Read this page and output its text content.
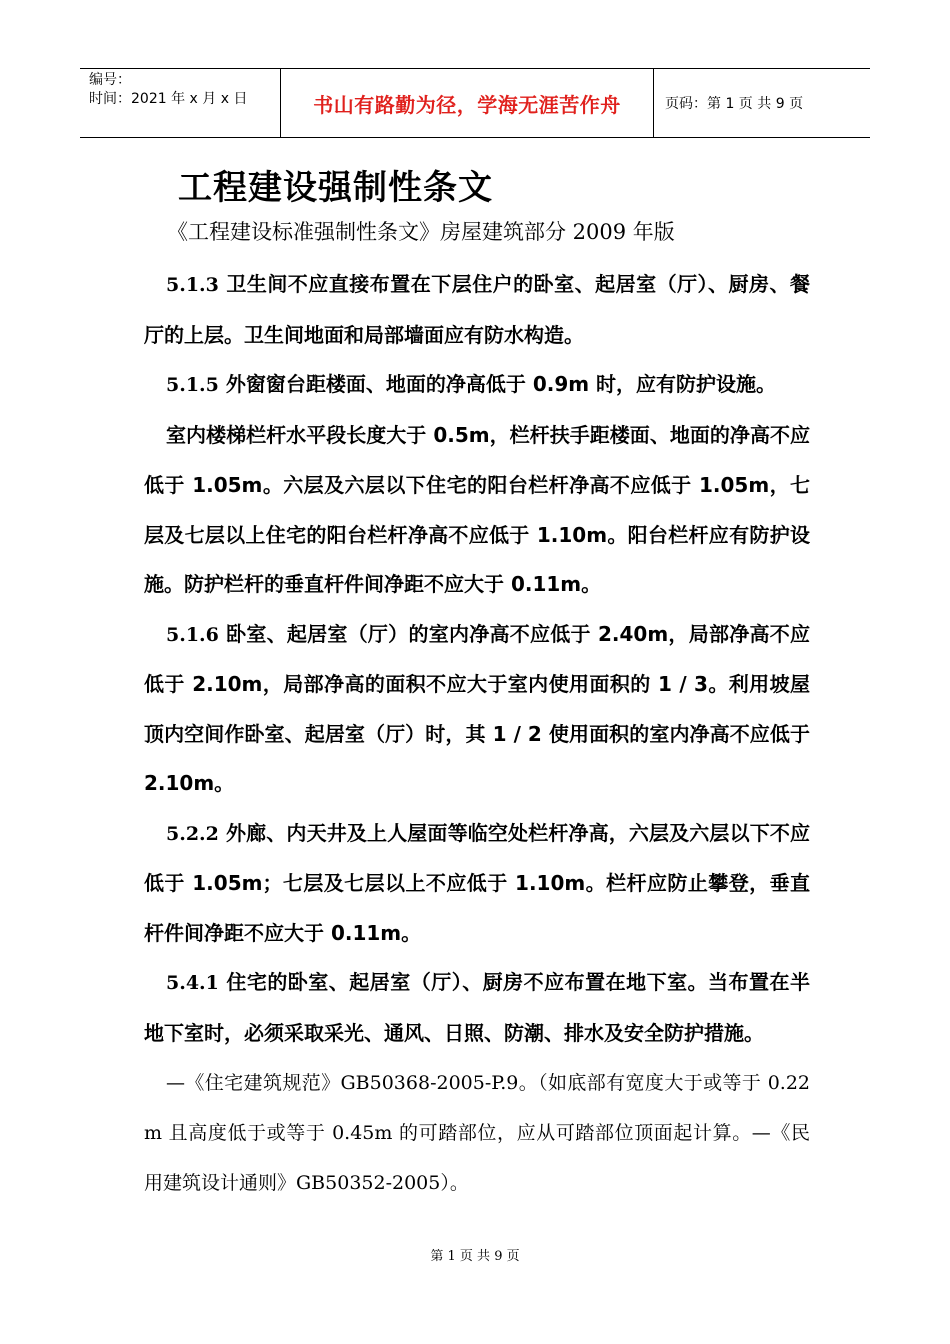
编号：
时间：2021 年 x 月 x 日	书山有路勤为径，学海无涯苦作舟	页码：第 1 页 共 9 页
工程建设强制性条文

《工程建设标准强制性条文》房屋建筑部分 2009 年版

5.1.3 卫生间不应直接布置在下层住户的卧室、起居室（厅）、厨房、餐厅的上层。卫生间地面和局部墙面应有防水构造。

5.1.5 外窗窗台距楼面、地面的净高低于 0.9m 时，应有防护设施。

室内楼梯栏杆水平段长度大于 0.5m，栏杆扶手距楼面、地面的净高不应低于 1.05m。六层及六层以下住宅的阳台栏杆净高不应低于 1.05m，七层及七层以上住宅的阳台栏杆净高不应低于 1.10m。阳台栏杆应有防护设施。防护栏杆的垂直杆件间净距不应大于 0.11m。

5.1.6 卧室、起居室（厅）的室内净高不应低于 2.40m，局部净高不应低于 2.10m，局部净高的面积不应大于室内使用面积的 1 / 3。利用坡屋顶内空间作卧室、起居室（厅）时，其 1 / 2 使用面积的室内净高不应低于 2.10m。

5.2.2 外廊、内天井及上人屋面等临空处栏杆净高，六层及六层以下不应低于 1.05m；七层及七层以上不应低于 1.10m。栏杆应防止攀登，垂直杆件间净距不应大于 0.11m。

5.4.1 住宅的卧室、起居室（厅）、厨房不应布置在地下室。当布置在半地下室时，必须采取采光、通风、日照、防潮、排水及安全防护措施。

—《住宅建筑规范》GB50368-2005-P.9。（如底部有宽度大于或等于 0.22m 且高度低于或等于 0.45m 的可踏部位，应从可踏部位顶面起计算。—《民用建筑设计通则》GB50352-2005）。

第 1 页 共 9 页
